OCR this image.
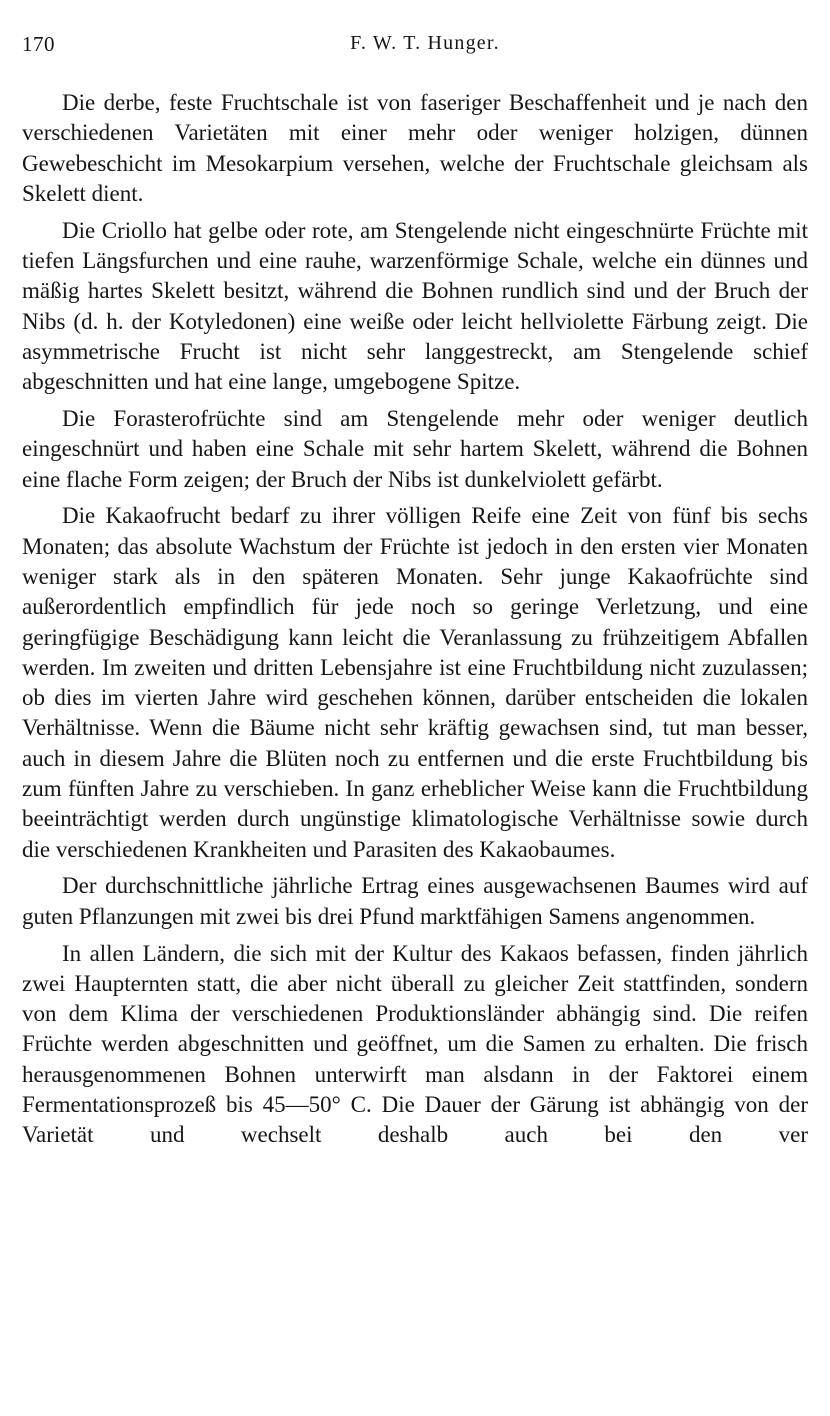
170	F. W. T. Hunger.

Die derbe, feste Fruchtschale ist von faseriger Beschaffenheit und je nach den verschiedenen Varietäten mit einer mehr oder weniger holzigen, dünnen Gewebeschicht im Mesokarpium versehen, welche der Fruchtschale gleichsam als Skelett dient.

Die Criollo hat gelbe oder rote, am Stengelende nicht eingeschnürte Früchte mit tiefen Längsfurchen und eine rauhe, warzenförmige Schale, welche ein dünnes und mäßig hartes Skelett besitzt, während die Bohnen rundlich sind und der Bruch der Nibs (d. h. der Kotyledonen) eine weiße oder leicht hellviolette Färbung zeigt. Die asymmetrische Frucht ist nicht sehr langgestreckt, am Stengelende schief abgeschnitten und hat eine lange, umgebogene Spitze.

Die Forasterofrüchte sind am Stengelende mehr oder weniger deutlich eingeschnürt und haben eine Schale mit sehr hartem Skelett, während die Bohnen eine flache Form zeigen; der Bruch der Nibs ist dunkelviolett gefärbt.

Die Kakaofrucht bedarf zu ihrer völligen Reife eine Zeit von fünf bis sechs Monaten; das absolute Wachstum der Früchte ist jedoch in den ersten vier Monaten weniger stark als in den späteren Monaten. Sehr junge Kakaofrüchte sind außerordentlich empfindlich für jede noch so geringe Verletzung, und eine geringfügige Beschädigung kann leicht die Veranlassung zu frühzeitigem Abfallen werden. Im zweiten und dritten Lebensjahre ist eine Fruchtbildung nicht zuzulassen; ob dies im vierten Jahre wird geschehen können, darüber entscheiden die lokalen Verhältnisse. Wenn die Bäume nicht sehr kräftig gewachsen sind, tut man besser, auch in diesem Jahre die Blüten noch zu entfernen und die erste Fruchtbildung bis zum fünften Jahre zu verschieben. In ganz erheblicher Weise kann die Fruchtbildung beeinträchtigt werden durch ungünstige klimatologische Verhältnisse sowie durch die verschiedenen Krankheiten und Parasiten des Kakaobaumes.

Der durchschnittliche jährliche Ertrag eines ausgewachsenen Baumes wird auf guten Pflanzungen mit zwei bis drei Pfund marktfähigen Samens angenommen.

In allen Ländern, die sich mit der Kultur des Kakaos befassen, finden jährlich zwei Haupternten statt, die aber nicht überall zu gleicher Zeit stattfinden, sondern von dem Klima der verschiedenen Produktionsländer abhängig sind. Die reifen Früchte werden abgeschnitten und geöffnet, um die Samen zu erhalten. Die frisch herausgenommenen Bohnen unterwirft man alsdann in der Faktorei einem Fermentationsprozeß bis 45—50° C. Die Dauer der Gärung ist abhängig von der Varietät und wechselt deshalb auch bei den ver
